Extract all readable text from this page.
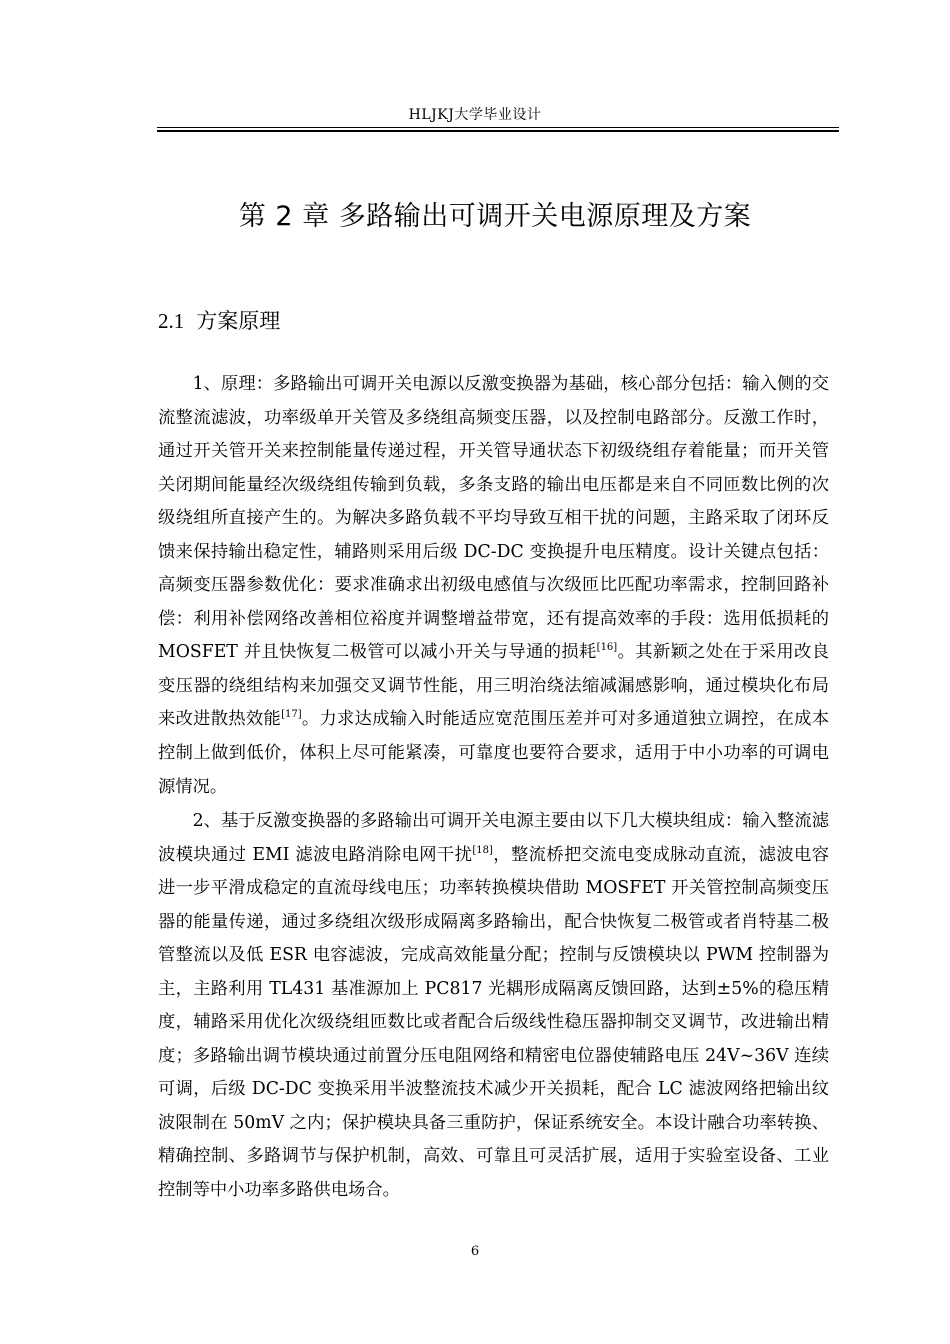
HLJKJ大学毕业设计
第 2 章 多路输出可调开关电源原理及方案
2.1 方案原理

1、原理：多路输出可调开关电源以反激变换器为基础，核心部分包括：输入侧的交流整流滤波，功率级单开关管及多绕组高频变压器，以及控制电路部分。反激工作时，通过开关管开关来控制能量传递过程，开关管导通状态下初级绕组存着能量；而开关管关闭期间能量经次级绕组传输到负载，多条支路的输出电压都是来自不同匝数比例的次级绕组所直接产生的。为解决多路负载不平均导致互相干扰的问题，主路采取了闭环反馈来保持输出稳定性，辅路则采用后级 DC-DC 变换提升电压精度。设计关键点包括：高频变压器参数优化：要求准确求出初级电感值与次级匝比匹配功率需求，控制回路补偿：利用补偿网络改善相位裕度并调整增益带宽，还有提高效率的手段：选用低损耗的 MOSFET 并且快恢复二极管可以减小开关与导通的损耗[16]。其新颖之处在于采用改良变压器的绕组结构来加强交叉调节性能，用三明治绕法缩减漏感影响，通过模块化布局来改进散热效能[17]。力求达成输入时能适应宽范围压差并可对多通道独立调控，在成本控制上做到低价，体积上尽可能紧凑，可靠度也要符合要求，适用于中小功率的可调电源情况。

2、基于反激变换器的多路输出可调开关电源主要由以下几大模块组成：输入整流滤波模块通过 EMI 滤波电路消除电网干扰[18]，整流桥把交流电变成脉动直流，滤波电容进一步平滑成稳定的直流母线电压；功率转换模块借助 MOSFET 开关管控制高频变压器的能量传递，通过多绕组次级形成隔离多路输出，配合快恢复二极管或者肖特基二极管整流以及低 ESR 电容滤波，完成高效能量分配；控制与反馈模块以 PWM 控制器为主，主路利用 TL431 基准源加上 PC817 光耦形成隔离反馈回路，达到±5%的稳压精度，辅路采用优化次级绕组匝数比或者配合后级线性稳压器抑制交叉调节，改进输出精度；多路输出调节模块通过前置分压电阻网络和精密电位器使辅路电压 24V~36V 连续可调，后级 DC-DC 变换采用半波整流技术减少开关损耗，配合 LC 滤波网络把输出纹波限制在 50mV 之内；保护模块具备三重防护，保证系统安全。本设计融合功率转换、精确控制、多路调节与保护机制，高效、可靠且可灵活扩展，适用于实验室设备、工业控制等中小功率多路供电场合。

6
